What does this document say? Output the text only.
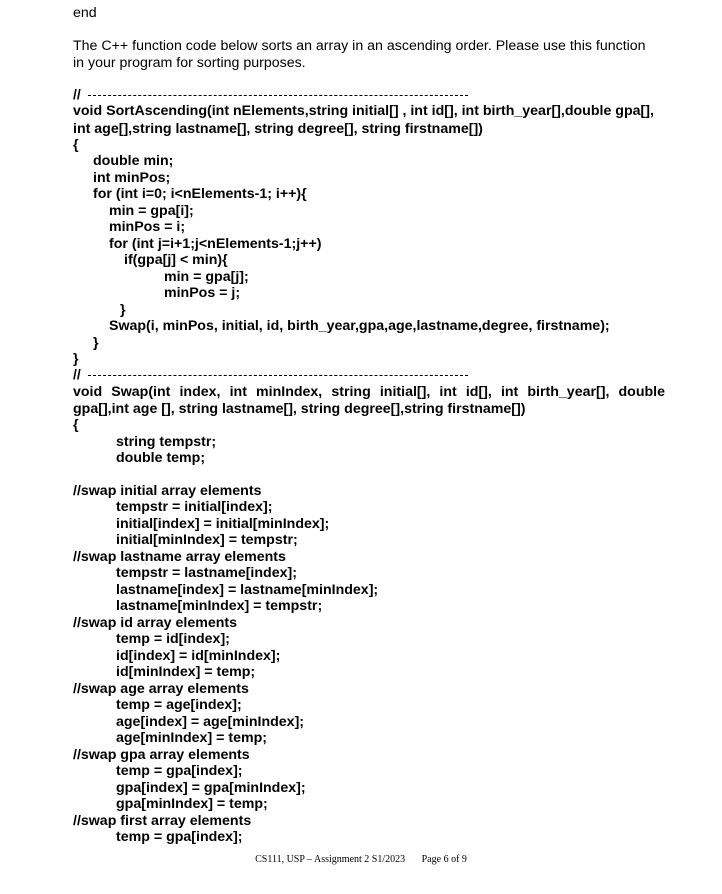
end
The C++ function code below sorts an array in an ascending order. Please use this function
in your program for sorting purposes.
//
void SortAscending(int nElements,string initial[] , int id[], int birth_year[],double gpa[],
int age[],string lastname[], string degree[], string firstname[])
{
double min;
int minPos;
for (int i=0; i<nElements-1; i++){
min = gpa[i];
minPos = i;
for (int j=i+1;j<nElements-1;j++)
if(gpa[j] < min){
min = gpa[j];
minPos = j;
}
Swap(i, minPos, initial, id, birth_year,gpa,age,lastname,degree, firstname);
}
}
//
void Swap(int index, int minIndex, string initial[], int id[], int birth_year[], double
gpa[],int age [], string lastname[], string degree[],string firstname[])
{
string tempstr;
double temp;
//swap initial array elements
tempstr = initial[index];
initial[index] = initial[minIndex];
initial[minIndex] = tempstr;
//swap lastname array elements
tempstr = lastname[index];
lastname[index] = lastname[minIndex];
lastname[minIndex] = tempstr;
//swap id array elements
temp = id[index];
id[index] = id[minIndex];
id[minIndex] = temp;
//swap age array elements
temp = age[index];
age[index] = age[minIndex];
age[minIndex] = temp;
//swap gpa array elements
temp = gpa[index];
gpa[index] = gpa[minIndex];
gpa[minIndex] = temp;
//swap first array elements
temp = gpa[index];
CS111, USP – Assignment 2 S1/2023 Page 6 of 9
